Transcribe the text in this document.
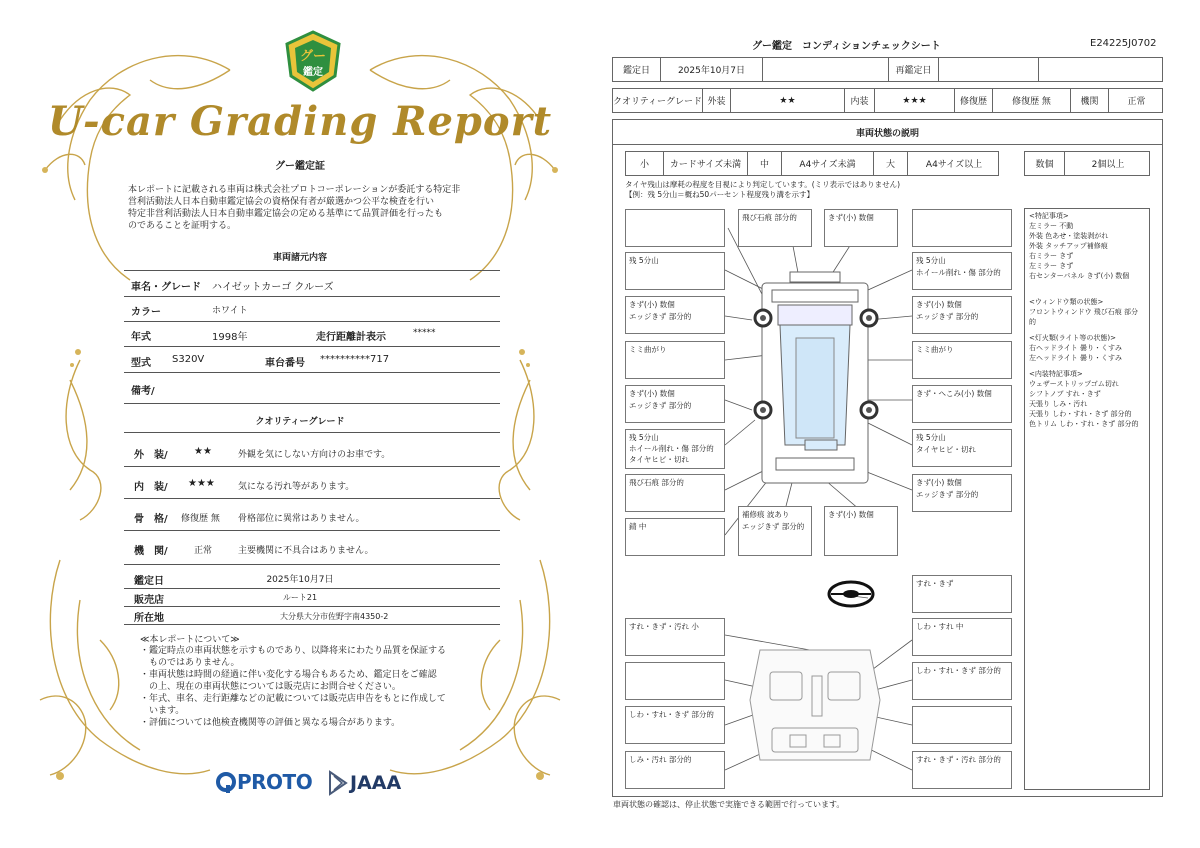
グー
鑑定
U-car Grading Report
グー鑑定証
本レポートに記載される車両は株式会社プロトコーポレーションが委託する特定非
営利活動法人日本自動車鑑定協会の資格保有者が厳選かつ公平な検査を行い
特定非営利活動法人日本自動車鑑定協会の定める基準にて品質評価を行ったも
のであることを証明する。
車両諸元内容
車名・グレード ハイゼットカーゴ クルーズ
カラー	ホワイト
年式	1998年	走行距離計表示	*****
型式 S320V	車台番号 **********717
備考/
クオリティーグレード
外　装/	★★	外観を気にしない方向けのお車です。
内　装/ ★★★	気になる汚れ等があります。
骨　格/ 修復歴 無 骨格部位に異常はありません。
機　関/	正常	主要機関に不具合はありません。
鑑定日	2025年10月7日
販売店	ルート21
所在地	大分県大分市佐野字南4350-2
≪本レポートについて≫
・鑑定時点の車両状態を示すものであり、以降将来にわたり品質を保証する
　ものではありません。
・車両状態は時間の経過に伴い変化する場合もあるため、鑑定日をご確認
　の上、現在の車両状態については販売店にお問合せください。
・年式、車名、走行距離などの記載については販売店申告をもとに作成して
　います。
・評価については他検査機関等の評価と異なる場合があります。
PROTO JAAA
グー鑑定　コンディションチェックシート	E24225J0702
鑑定日	2025年10月7日	再鑑定日
クオリティーグレード 外装	★★	内装	★★★	修復歴	修復歴 無	機関	正常
車両状態の説明
小	カードサイズ未満	中	A4サイズ未満	大	A4サイズ以上	数個	2個以上
タイヤ残山は摩耗の程度を目視により判定しています。(ミリ表示ではありません)
【例：残 5分山＝概ね50パーセント程度残り溝を示す】
残 5分山
きず(小) 数個
エッジきず 部分的
ミミ曲がり
きず(小) 数個
エッジきず 部分的
残 5分山
ホイール削れ・傷 部分的
タイヤヒビ・切れ
飛び石痕 部分的
錆 中
飛び石痕 部分的	きず(小) 数個
残 5分山
ホイール削れ・傷 部分的
きず(小) 数個
エッジきず 部分的
ミミ曲がり
きず・へこみ(小) 数個
残 5分山
タイヤヒビ・切れ
きず(小) 数個
エッジきず 部分的
補修痕 波あり
エッジきず 部分的
きず(小) 数個
すれ・きず・汚れ 小
しわ・すれ・きず 部分的
しみ・汚れ 部分的
すれ・きず
しわ・すれ 中
しわ・すれ・きず 部分的
すれ・きず・汚れ 部分的
<特記事項>
左ミラー 不動
外装 色あせ・塗装剥がれ
外装 タッチアップ補修痕
右ミラー きず
左ミラー きず
右センターパネル きず(小) 数個
<ウィンドウ類の状態>
フロントウィンドウ 飛び石痕 部分的
<灯火類(ライト等の状態)>
右ヘッドライト 曇り・くすみ
左ヘッドライト 曇り・くすみ
<内装特記事項>
ウェザーストリップゴム切れ
シフトノブ すれ・きず
天張り しみ・汚れ
天張り しわ・すれ・きず 部分的
色トリム しわ・すれ・きず 部分的
車両状態の確認は、停止状態で実施できる範囲で行っています。
